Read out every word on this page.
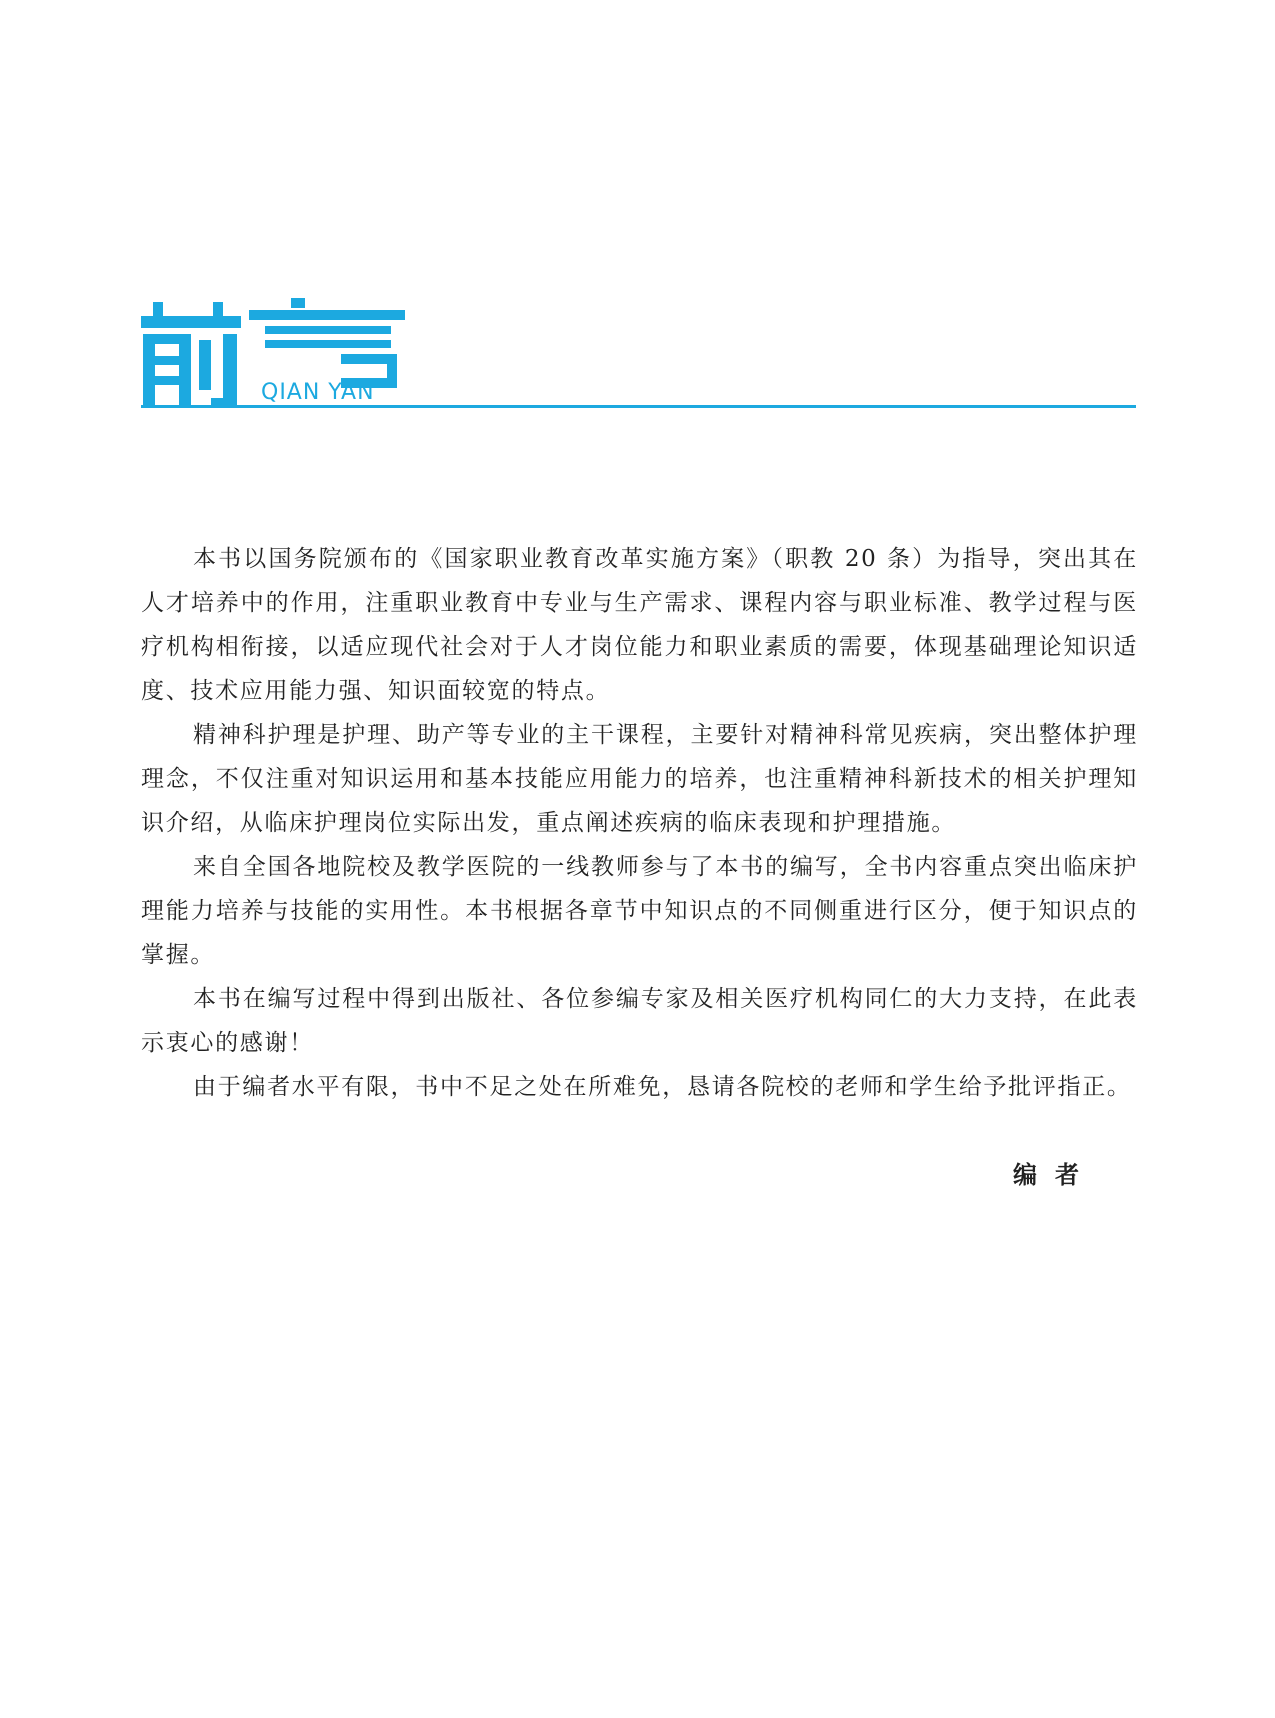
QIAN YAN

本书以国务院颁布的《国家职业教育改革实施方案》（职教 20 条）为指导，突出其在人才培养中的作用，注重职业教育中专业与生产需求、课程内容与职业标准、教学过程与医疗机构相衔接，以适应现代社会对于人才岗位能力和职业素质的需要，体现基础理论知识适度、技术应用能力强、知识面较宽的特点。

精神科护理是护理、助产等专业的主干课程，主要针对精神科常见疾病，突出整体护理理念，不仅注重对知识运用和基本技能应用能力的培养，也注重精神科新技术的相关护理知识介绍，从临床护理岗位实际出发，重点阐述疾病的临床表现和护理措施。

来自全国各地院校及教学医院的一线教师参与了本书的编写，全书内容重点突出临床护理能力培养与技能的实用性。本书根据各章节中知识点的不同侧重进行区分，便于知识点的掌握。

本书在编写过程中得到出版社、各位参编专家及相关医疗机构同仁的大力支持，在此表示衷心的感谢！

由于编者水平有限，书中不足之处在所难免，恳请各院校的老师和学生给予批评指正。

编者
